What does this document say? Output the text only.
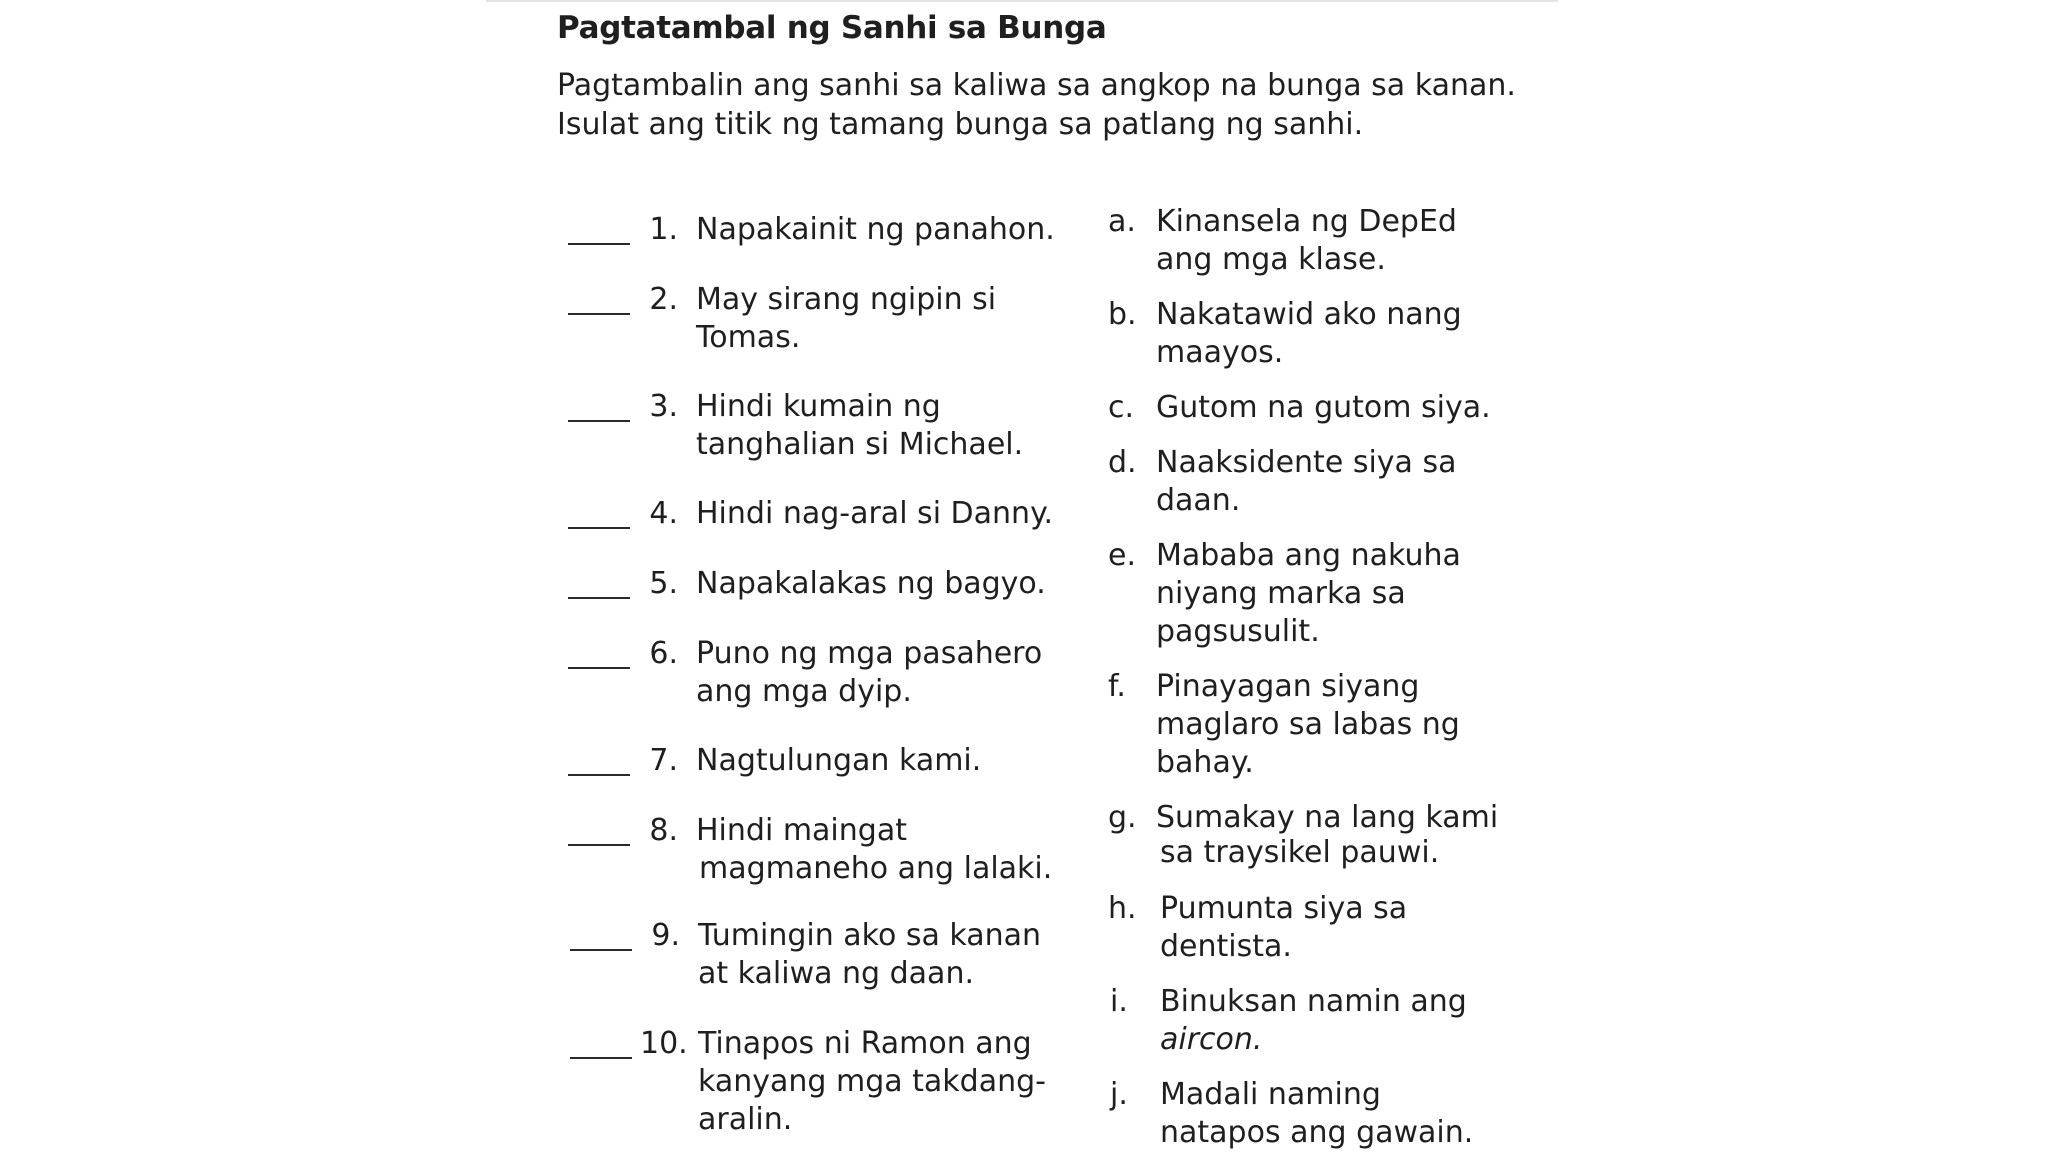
Pagtatambal ng Sanhi sa Bunga
Pagtambalin ang sanhi sa kaliwa sa angkop na bunga sa kanan. Isulat ang titik ng tamang bunga sa patlang ng sanhi.
1. Napakainit ng panahon.
2. May sirang ngipin si
Tomas.
3. Hindi kumain ng
tanghalian si Michael.
4. Hindi nag-aral si Danny.
5. Napakalakas ng bagyo.
6. Puno ng mga pasahero
ang mga dyip.
7. Nagtulungan kami.
8. Hindi maingat
magmaneho ang lalaki.
9. Tumingin ako sa kanan
at kaliwa ng daan.
10. Tinapos ni Ramon ang
kanyang mga takdang-
aralin.
a. Kinansela ng DepEd
ang mga klase.
b. Nakatawid ako nang
maayos.
c. Gutom na gutom siya.
d. Naaksidente siya sa
daan.
e. Mababa ang nakuha
niyang marka sa
pagsusulit.
f. Pinayagan siyang
maglaro sa labas ng
bahay.
g. Sumakay na lang kami
sa traysikel pauwi.
h. Pumunta siya sa
dentista.
i. Binuksan namin ang
aircon.
j. Madali naming
natapos ang gawain.
